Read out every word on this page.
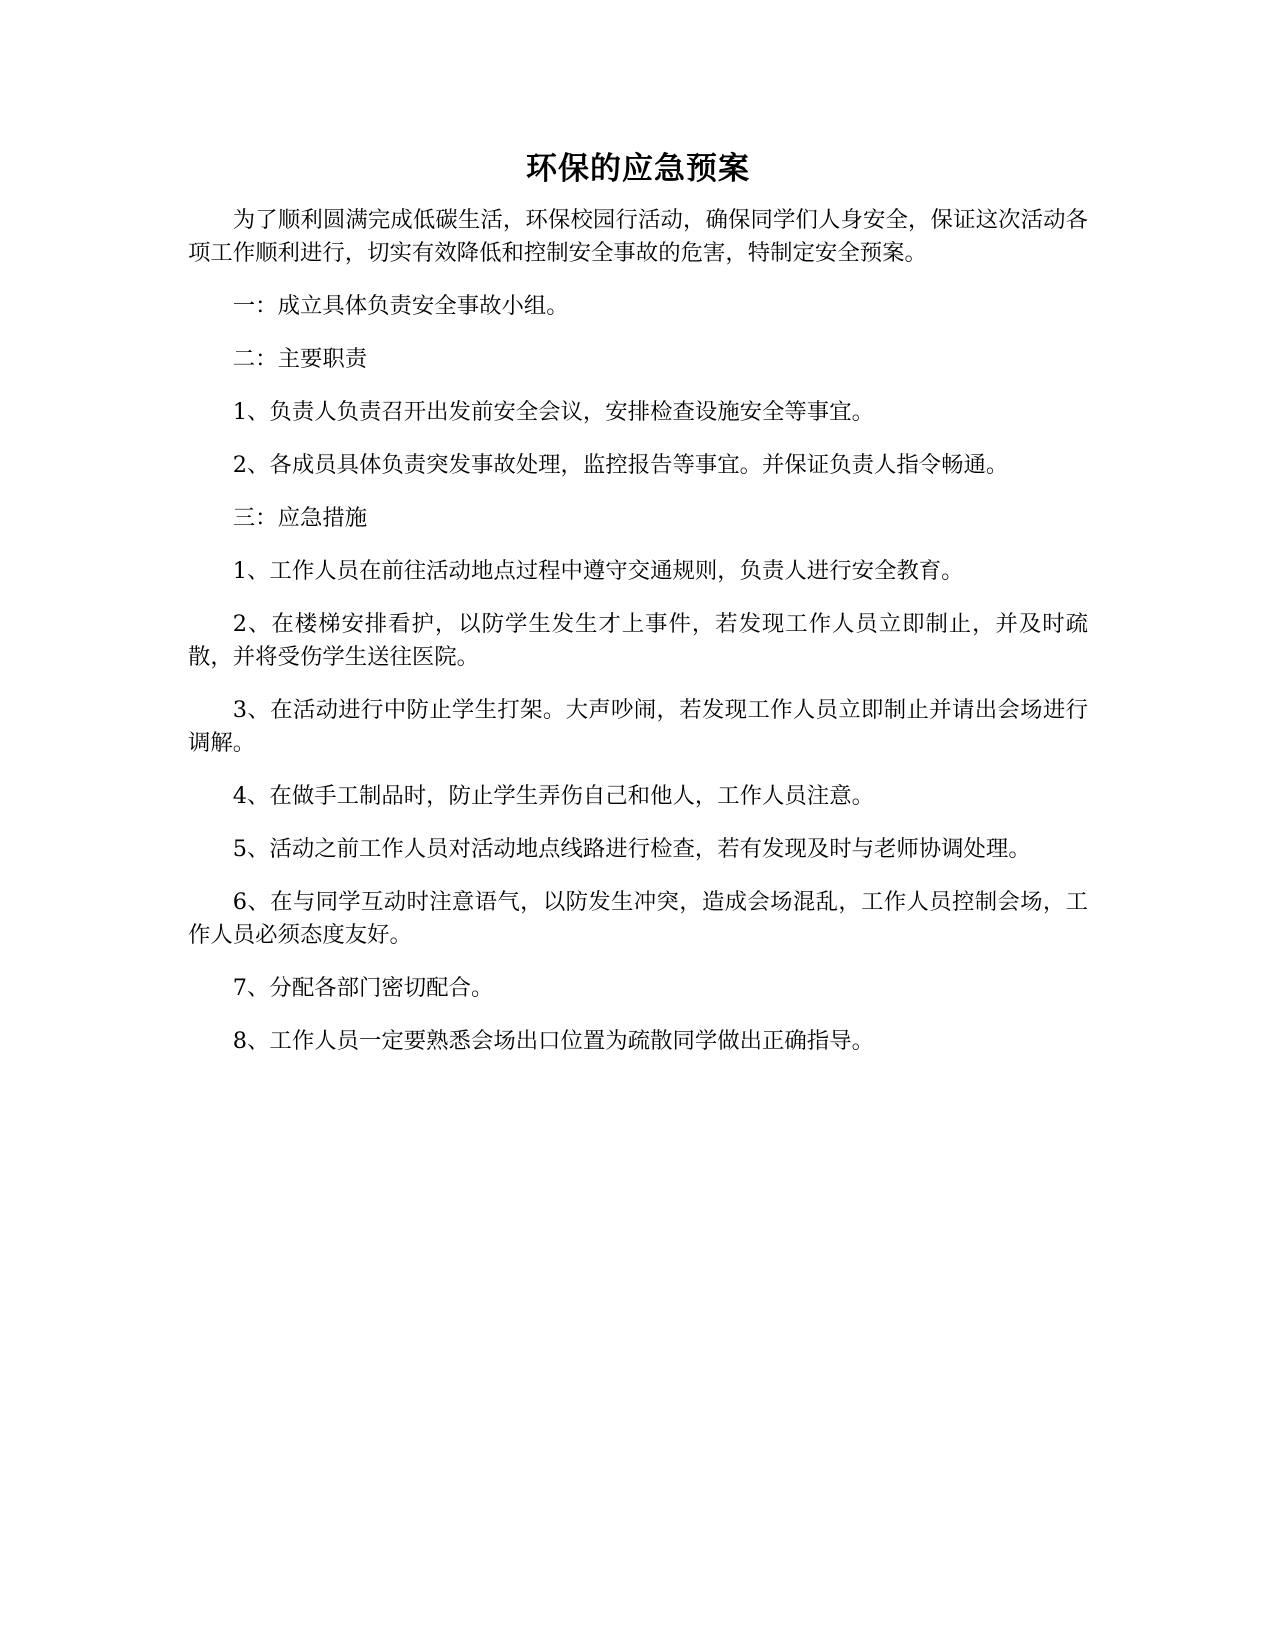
环保的应急预案

为了顺利圆满完成低碳生活，环保校园行活动，确保同学们人身安全，保证这次活动各项工作顺利进行，切实有效降低和控制安全事故的危害，特制定安全预案。

一：成立具体负责安全事故小组。

二：主要职责

1、负责人负责召开出发前安全会议，安排检查设施安全等事宜。

2、各成员具体负责突发事故处理，监控报告等事宜。并保证负责人指令畅通。

三：应急措施

1、工作人员在前往活动地点过程中遵守交通规则，负责人进行安全教育。

2、在楼梯安排看护，以防学生发生才上事件，若发现工作人员立即制止，并及时疏散，并将受伤学生送往医院。

3、在活动进行中防止学生打架。大声吵闹，若发现工作人员立即制止并请出会场进行调解。

4、在做手工制品时，防止学生弄伤自己和他人，工作人员注意。

5、活动之前工作人员对活动地点线路进行检查，若有发现及时与老师协调处理。

6、在与同学互动时注意语气，以防发生冲突，造成会场混乱，工作人员控制会场，工作人员必须态度友好。

7、分配各部门密切配合。

8、工作人员一定要熟悉会场出口位置为疏散同学做出正确指导。
